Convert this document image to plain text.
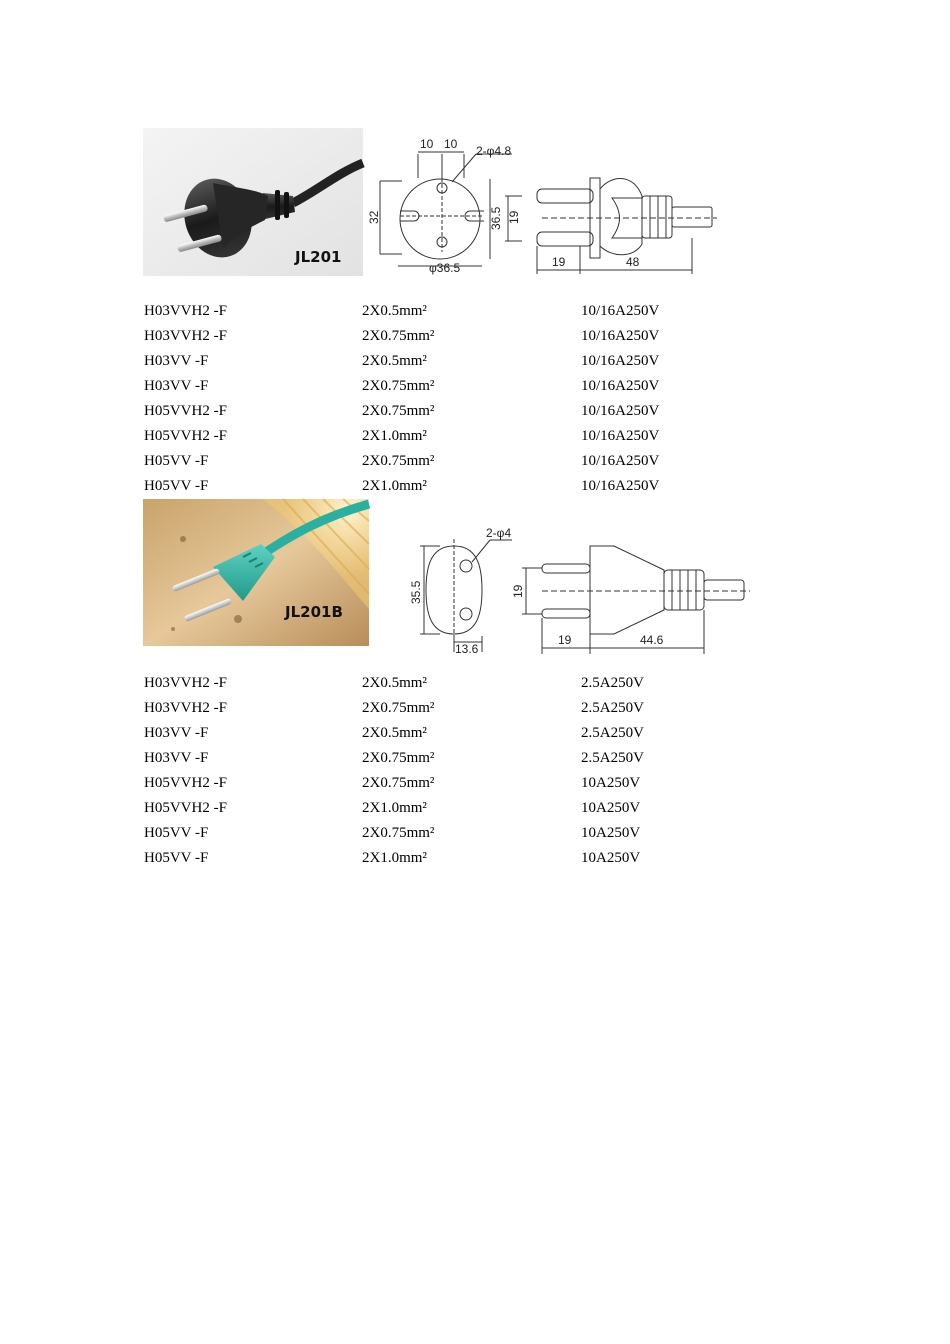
JL201
10 10 2-φ4.8
32	36.5
φ36.5
19
19	48
H03VVH2 -F	2X0.5mm²	10/16A250V
H03VVH2 -F	2X0.75mm²	10/16A250V
H03VV -F	2X0.5mm²	10/16A250V
H03VV -F	2X0.75mm²	10/16A250V
H05VVH2 -F	2X0.75mm²	10/16A250V
H05VVH2 -F	2X1.0mm²	10/16A250V
H05VV -F	2X0.75mm²	10/16A250V
H05VV -F	2X1.0mm²	10/16A250V
JL201B
2-φ4
35.5
13.6
19
19	44.6
H03VVH2 -F	2X0.5mm²	2.5A250V
H03VVH2 -F	2X0.75mm²	2.5A250V
H03VV -F	2X0.5mm²	2.5A250V
H03VV -F	2X0.75mm²	2.5A250V
H05VVH2 -F	2X0.75mm²	10A250V
H05VVH2 -F	2X1.0mm²	10A250V
H05VV -F	2X0.75mm²	10A250V
H05VV -F	2X1.0mm²	10A250V
